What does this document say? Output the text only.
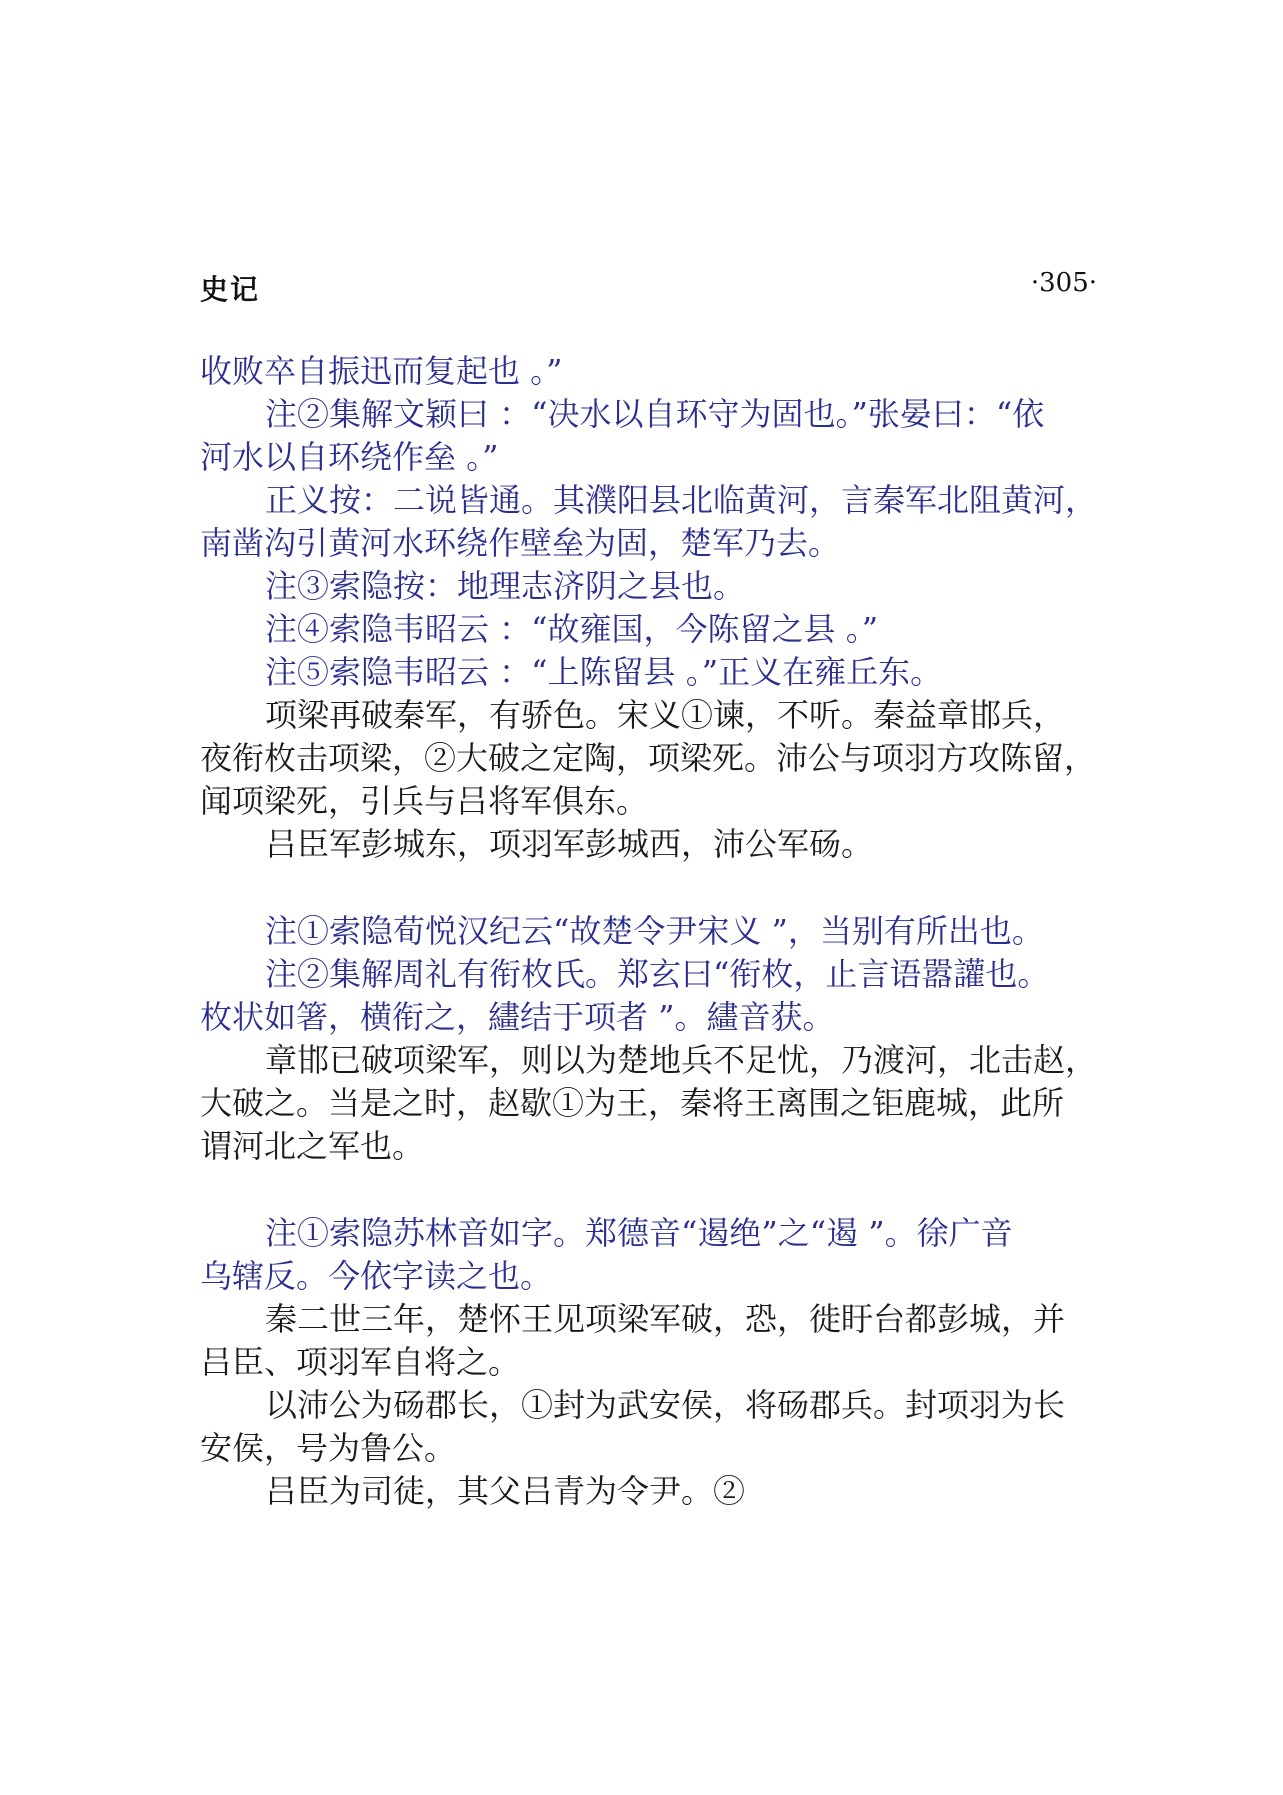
史记	·305·
收败卒自振迅而复起也 。”
注②集解文颖曰 ：“决水以自环守为固也。”张晏曰：“依
河水以自环绕作垒 。”
正义按：二说皆通。其濮阳县北临黄河，言秦军北阻黄河，
南凿沟引黄河水环绕作壁垒为固，楚军乃去。
注③索隐按：地理志济阴之县也。
注④索隐韦昭云 ：“故雍国，今陈留之县 。”
注⑤索隐韦昭云 ：“上陈留县 。”正义在雍丘东。
项梁再破秦军，有骄色。宋义①谏，不听。秦益章邯兵，
夜衔枚击项梁，②大破之定陶，项梁死。沛公与项羽方攻陈留，
闻项梁死，引兵与吕将军俱东。
吕臣军彭城东，项羽军彭城西，沛公军砀。
注①索隐荀悦汉纪云“故楚令尹宋义 ”，当别有所出也。
注②集解周礼有衔枚氏。郑玄曰“衔枚，止言语嚣讙也。
枚状如箸，横衔之，繣结于项者 ”。繣音获。
章邯已破项梁军，则以为楚地兵不足忧，乃渡河，北击赵，
大破之。当是之时，赵歇①为王，秦将王离围之钜鹿城，此所
谓河北之军也。
注①索隐苏林音如字。郑德音“遏绝”之“遏 ”。徐广音
乌辖反。今依字读之也。
秦二世三年，楚怀王见项梁军破，恐，徙盱台都彭城，并
吕臣、项羽军自将之。
以沛公为砀郡长，①封为武安侯，将砀郡兵。封项羽为长
安侯，号为鲁公。
吕臣为司徒，其父吕青为令尹。②
